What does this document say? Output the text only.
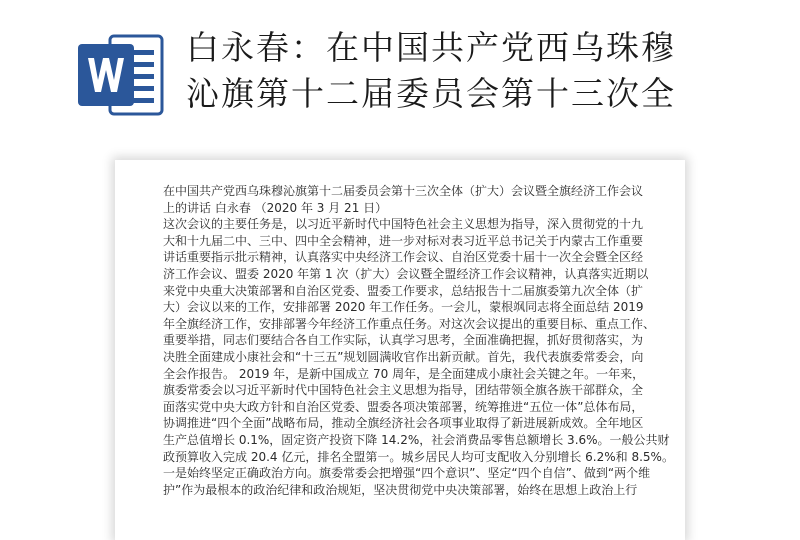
白永春：在中国共产党西乌珠穆
沁旗第十二届委员会第十三次全
在中国共产党西乌珠穆沁旗第十二届委员会第十三次全体（扩大）会议暨全旗经济工作会议
上的讲话 白永春 （2020 年 3 月 21 日）
这次会议的主要任务是，以习近平新时代中国特色社会主义思想为指导，深入贯彻党的十九
大和十九届二中、三中、四中全会精神，进一步对标对表习近平总书记关于内蒙古工作重要
讲话重要指示批示精神，认真落实中央经济工作会议、自治区党委十届十一次全会暨全区经
济工作会议、盟委 2020 年第 1 次（扩大）会议暨全盟经济工作会议精神，认真落实近期以
来党中央重大决策部署和自治区党委、盟委工作要求，总结报告十二届旗委第九次全体（扩
大）会议以来的工作，安排部署 2020 年工作任务。一会儿，蒙根飒同志将全面总结 2019
年全旗经济工作，安排部署今年经济工作重点任务。对这次会议提出的重要目标、重点工作、
重要举措，同志们要结合各自工作实际，认真学习思考，全面准确把握，抓好贯彻落实，为
决胜全面建成小康社会和“十三五”规划圆满收官作出新贡献。首先，我代表旗委常委会，向
全会作报告。 2019 年，是新中国成立 70 周年，是全面建成小康社会关键之年。一年来，
旗委常委会以习近平新时代中国特色社会主义思想为指导，团结带领全旗各族干部群众，全
面落实党中央大政方针和自治区党委、盟委各项决策部署，统筹推进“五位一体”总体布局，
协调推进“四个全面”战略布局，推动全旗经济社会各项事业取得了新进展新成效。全年地区
生产总值增长 0.1%，固定资产投资下降 14.2%，社会消费品零售总额增长 3.6%。一般公共财
政预算收入完成 20.4 亿元，排名全盟第一。城乡居民人均可支配收入分别增长 6.2%和 8.5%。
一是始终坚定正确政治方向。旗委常委会把增强“四个意识”、坚定“四个自信”、做到“两个维
护”作为最根本的政治纪律和政治规矩，坚决贯彻党中央决策部署，始终在思想上政治上行
